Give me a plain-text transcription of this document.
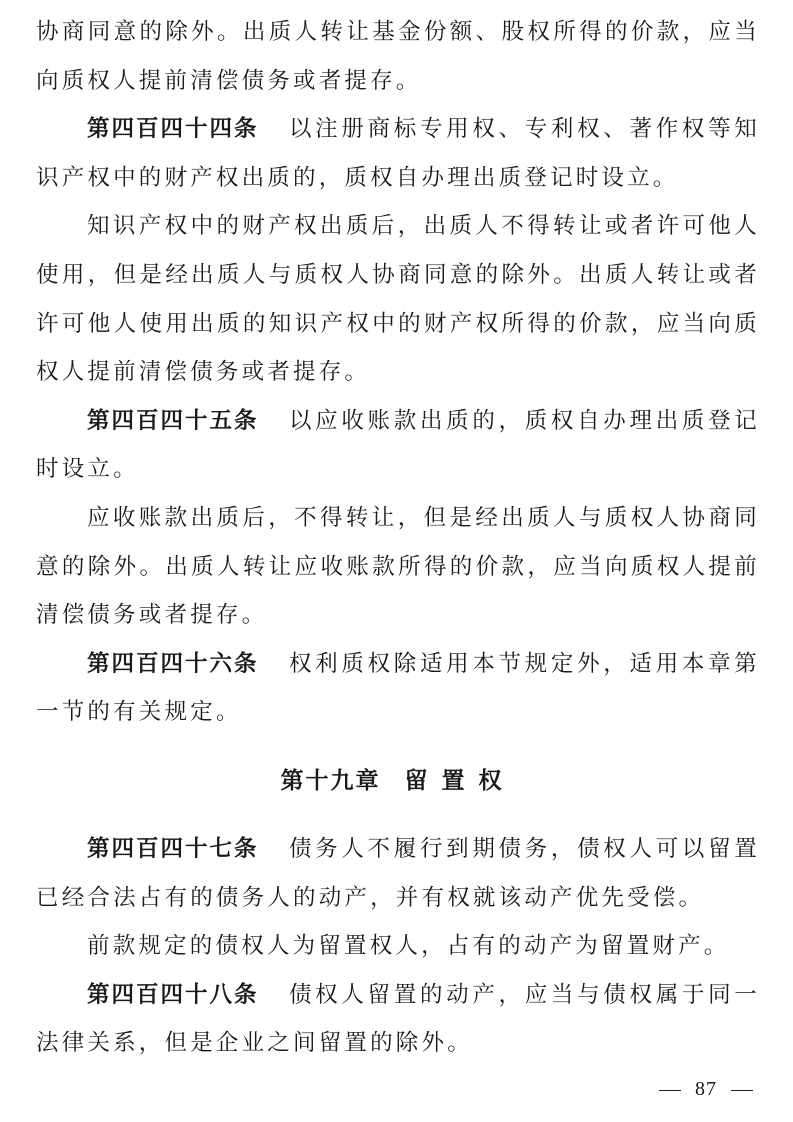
协商同意的除外。出质人转让基金份额、股权所得的价款，应当向质权人提前清偿债务或者提存。

第四百四十四条 以注册商标专用权、专利权、著作权等知识产权中的财产权出质的，质权自办理出质登记时设立。

知识产权中的财产权出质后，出质人不得转让或者许可他人使用，但是经出质人与质权人协商同意的除外。出质人转让或者许可他人使用出质的知识产权中的财产权所得的价款，应当向质权人提前清偿债务或者提存。

第四百四十五条 以应收账款出质的，质权自办理出质登记时设立。

应收账款出质后，不得转让，但是经出质人与质权人协商同意的除外。出质人转让应收账款所得的价款，应当向质权人提前清偿债务或者提存。

第四百四十六条 权利质权除适用本节规定外，适用本章第一节的有关规定。

第十九章 留 置 权

第四百四十七条 债务人不履行到期债务，债权人可以留置已经合法占有的债务人的动产，并有权就该动产优先受偿。

前款规定的债权人为留置权人，占有的动产为留置财产。

第四百四十八条 债权人留置的动产，应当与债权属于同一法律关系，但是企业之间留置的除外。

87
